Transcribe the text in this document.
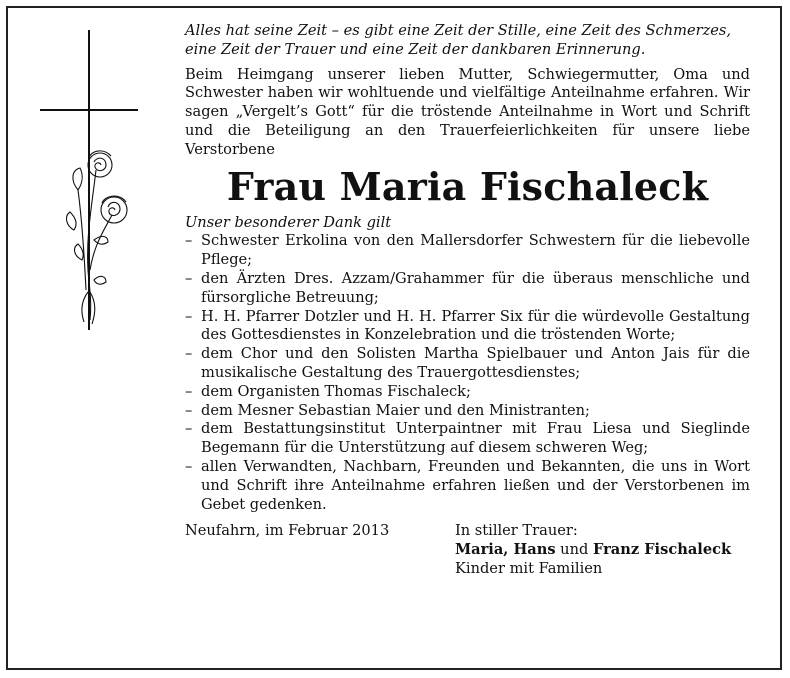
Alles hat seine Zeit – es gibt eine Zeit der Stille, eine Zeit des Schmerzes, eine Zeit der Trauer und eine Zeit der dankbaren Erinnerung.

Beim Heimgang unserer lieben Mutter, Schwiegermutter, Oma und Schwester haben wir wohltuende und vielfältige Anteilnahme erfahren. Wir sagen „Vergelt’s Gott“ für die tröstende Anteilnahme in Wort und Schrift und die Beteiligung an den Trauerfeierlichkeiten für unsere liebe Verstorbene

Frau Maria Fischaleck

Unser besonderer Dank gilt

– Schwester Erkolina von den Mallersdorfer Schwestern für die liebevolle Pflege;
– den Ärzten Dres. Azzam/Grahammer für die überaus menschliche und fürsorgliche Betreuung;
– H. H. Pfarrer Dotzler und H. H. Pfarrer Six für die würdevolle Gestaltung des Gottesdienstes in Konzelebration und die tröstenden Worte;
– dem Chor und den Solisten Martha Spielbauer und Anton Jais für die musikalische Gestaltung des Trauergottesdienstes;
– dem Organisten Thomas Fischaleck;
– dem Mesner Sebastian Maier und den Ministranten;
– dem Bestattungsinstitut Unterpaintner mit Frau Liesa und Sieglinde Begemann für die Unterstützung auf diesem schweren Weg;
– allen Verwandten, Nachbarn, Freunden und Bekannten, die uns in Wort und Schrift ihre Anteilnahme erfahren ließen und der Verstorbenen im Gebet gedenken.
Neufahrn, im Februar 2013	In stiller Trauer:

Maria, Hans und Franz Fischaleck

Kinder mit Familien
